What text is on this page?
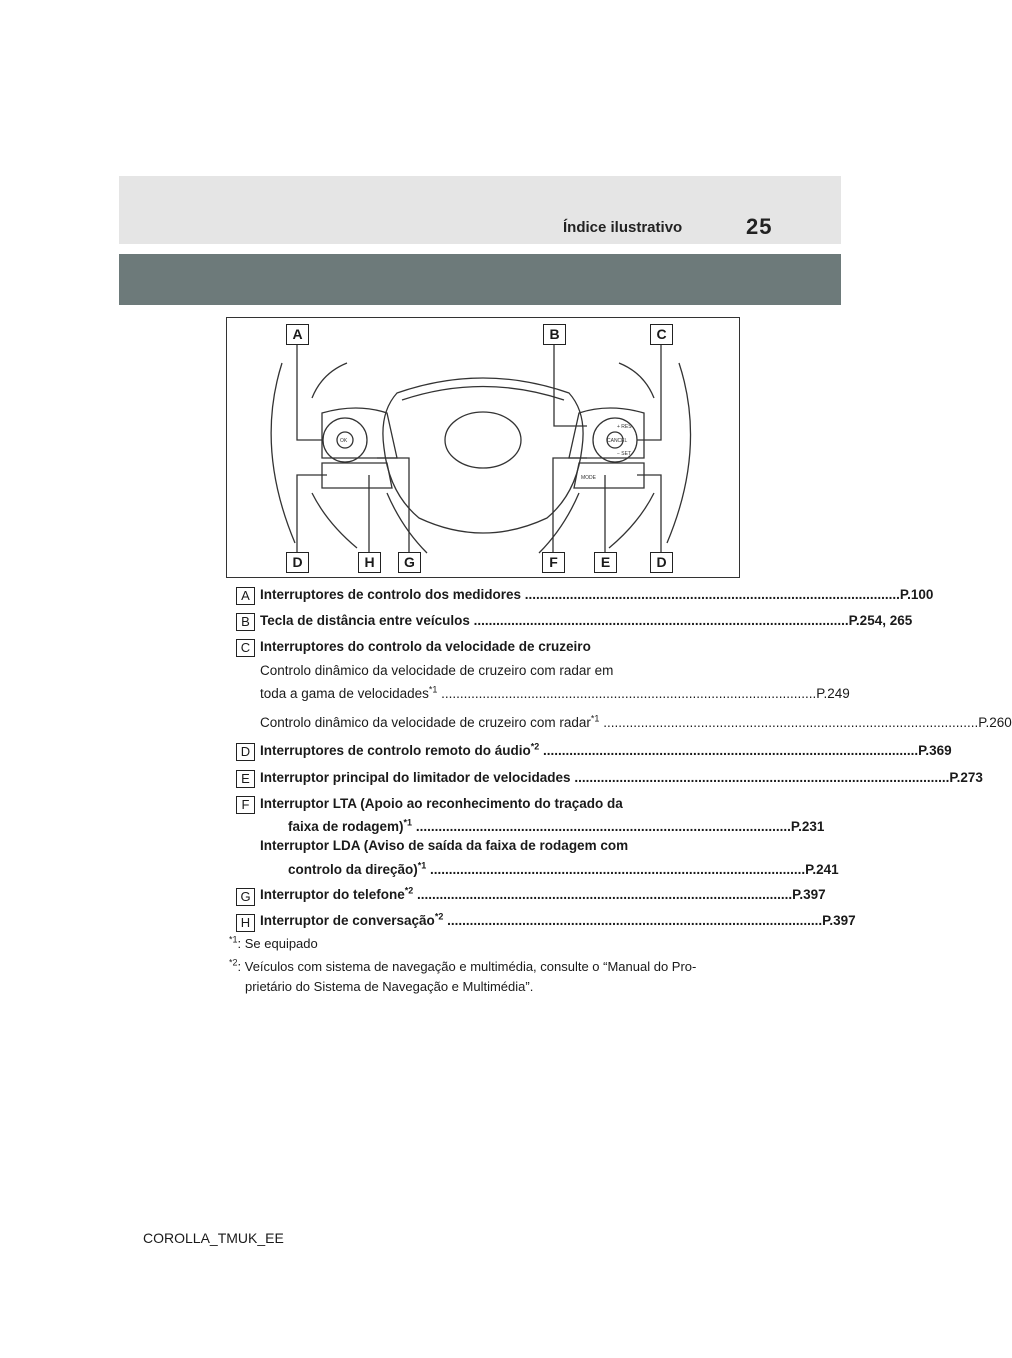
Índice ilustrativo	25
OK
MODE
+ RES
− SET
CANCEL
A	B	C
D	H	G	F	E	D
A Interruptores de controlo dos medidores .................................................................................................... P.100
B Tecla de distância entre veículos .................................................................................................... P.254, 265
C Interruptores do controlo da velocidade de cruzeiro
Controlo dinâmico da velocidade de cruzeiro com radar em
toda a gama de velocidades$^{*1}$ .................................................................................................... P.249
Controlo dinâmico da velocidade de cruzeiro com radar$^{*1}$ .................................................................................................... P.260
D Interruptores de controlo remoto do áudio$^{*2}$ .................................................................................................... P.369
E Interruptor principal do limitador de velocidades .................................................................................................... P.273
F Interruptor LTA (Apoio ao reconhecimento do traçado da
faixa de rodagem)$^{*1}$ .................................................................................................... P.231
Interruptor LDA (Aviso de saída da faixa de rodagem com
controlo da direção)$^{*1}$ .................................................................................................... P.241
G Interruptor do telefone$^{*2}$ .................................................................................................... P.397
H Interruptor de conversação$^{*2}$ .................................................................................................... P.397
$^{*1}$: Se equipado
$^{*2}$: Veículos com sistema de navegação e multimédia, consulte o “Manual do Pro-
prietário do Sistema de Navegação e Multimédia”.
COROLLA_TMUK_EE
